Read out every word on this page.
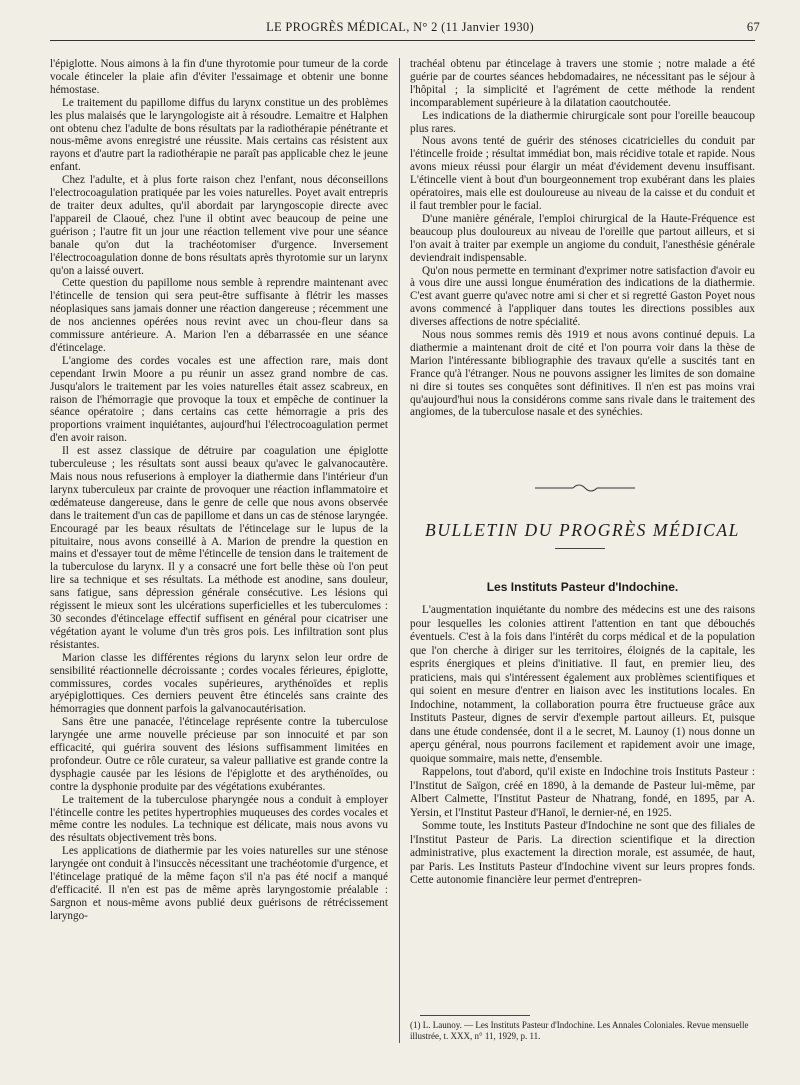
LE PROGRÈS MÉDICAL, N° 2 (11 Janvier 1930)	67

l'épiglotte. Nous aimons à la fin d'une thyrotomie pour tumeur de la corde vocale étinceler la plaie afin d'éviter l'essaimage et obtenir une bonne hémostase.

Le traitement du papillome diffus du larynx constitue un des problèmes les plus malaisés que le laryngologiste ait à résoudre. Lemaitre et Halphen ont obtenu chez l'adulte de bons résultats par la radiothérapie pénétrante et nous-même avons enregistré une réussite. Mais certains cas résistent aux rayons et d'autre part la radiothérapie ne paraît pas applicable chez le jeune enfant.

Chez l'adulte, et à plus forte raison chez l'enfant, nous déconseillons l'electrocoagulation pratiquée par les voies naturelles. Poyet avait entrepris de traiter deux adultes, qu'il abordait par laryngoscopie directe avec l'appareil de Claoué, chez l'une il obtint avec beaucoup de peine une guérison ; l'autre fit un jour une réaction tellement vive pour une séance banale qu'on dut la trachéotomiser d'urgence. Inversement l'électrocoagulation donne de bons résultats après thyrotomie sur un larynx qu'on a laissé ouvert.

Cette question du papillome nous semble à reprendre maintenant avec l'étincelle de tension qui sera peut-être suffisante à flétrir les masses néoplasiques sans jamais donner une réaction dangereuse ; récemment une de nos anciennes opérées nous revint avec un chou-fleur dans sa commissure antérieure. A. Marion l'en a débarrassée en une séance d'étincelage.

L'angiome des cordes vocales est une affection rare, mais dont cependant Irwin Moore a pu réunir un assez grand nombre de cas. Jusqu'alors le traitement par les voies naturelles était assez scabreux, en raison de l'hémorragie que provoque la toux et empêche de continuer la séance opératoire ; dans certains cas cette hémorragie a pris des proportions vraiment inquiétantes, aujourd'hui l'électrocoagulation permet d'en avoir raison.

Il est assez classique de détruire par coagulation une épiglotte tuberculeuse ; les résultats sont aussi beaux qu'avec le galvanocautère. Mais nous nous refuserions à employer la diathermie dans l'intérieur d'un larynx tuberculeux par crainte de provoquer une réaction inflammatoire et œdémateuse dangereuse, dans le genre de celle que nous avons observée dans le traitement d'un cas de papillome et dans un cas de sténose laryngée. Encouragé par les beaux résultats de l'étincelage sur le lupus de la pituitaire, nous avons conseillé à A. Marion de prendre la question en mains et d'essayer tout de même l'étincelle de tension dans le traitement de la tuberculose du larynx. Il y a consacré une fort belle thèse où l'on peut lire sa technique et ses résultats. La méthode est anodine, sans douleur, sans fatigue, sans dépression générale consécutive. Les lésions qui régissent le mieux sont les ulcérations superficielles et les tuberculomes : 30 secondes d'étincelage effectif suffisent en général pour cicatriser une végétation ayant le volume d'un très gros pois. Les infiltration sont plus résistantes.

Marion classe les différentes régions du larynx selon leur ordre de sensibilité réactionnelle décroissante ; cordes vocales férieures, épiglotte, commissures, cordes vocales supérieures, arythénoïdes et replis aryépiglottiques. Ces derniers peuvent être étincelés sans crainte des hémorragies que donnent parfois la galvanocautérisation.

Sans être une panacée, l'étincelage représente contre la tuberculose laryngée une arme nouvelle précieuse par son innocuité et par son efficacité, qui guérira souvent des lésions suffisamment limitées en profondeur. Outre ce rôle curateur, sa valeur palliative est grande contre la dysphagie causée par les lésions de l'épiglotte et des arythénoïdes, ou contre la dysphonie produite par des végétations exubérantes.

Le traitement de la tuberculose pharyngée nous a conduit à employer l'étincelle contre les petites hypertrophies muqueuses des cordes vocales et même contre les nodules. La technique est délicate, mais nous avons vu des résultats objectivement très bons.

Les applications de diathermie par les voies naturelles sur une sténose laryngée ont conduit à l'insuccès nécessitant une trachéotomie d'urgence, et l'étincelage pratiqué de la même façon s'il n'a pas été nocif a manqué d'efficacité. Il n'en est pas de même après laryngostomie préalable : Sargnon et nous-même avons publié deux guérisons de rétrécissement laryngo-

trachéal obtenu par étincelage à travers une stomie ; notre malade a été guérie par de courtes séances hebdomadaires, ne nécessitant pas le séjour à l'hôpital ; la simplicité et l'agrément de cette méthode la rendent incomparablement supérieure à la dilatation caoutchoutée.

Les indications de la diathermie chirurgicale sont pour l'oreille beaucoup plus rares.

Nous avons tenté de guérir des sténoses cicatricielles du conduit par l'étincelle froide ; résultat immédiat bon, mais récidive totale et rapide. Nous avons mieux réussi pour élargir un méat d'évidement devenu insuffisant. L'étincelle vient à bout d'un bourgeonnement trop exubérant dans les plaies opératoires, mais elle est douloureuse au niveau de la caisse et du conduit et il faut trembler pour le facial.

D'une manière générale, l'emploi chirurgical de la Haute-Fréquence est beaucoup plus douloureux au niveau de l'oreille que partout ailleurs, et si l'on avait à traiter par exemple un angiome du conduit, l'anesthésie générale deviendrait indispensable.

Qu'on nous permette en terminant d'exprimer notre satisfaction d'avoir eu à vous dire une aussi longue énumération des indications de la diathermie. C'est avant guerre qu'avec notre ami si cher et si regretté Gaston Poyet nous avons commencé à l'appliquer dans toutes les directions possibles aux diverses affections de notre spécialité.

Nous nous sommes remis dès 1919 et nous avons continué depuis. La diathermie a maintenant droit de cité et l'on pourra voir dans la thèse de Marion l'intéressante bibliographie des travaux qu'elle a suscités tant en France qu'à l'étranger. Nous ne pouvons assigner les limites de son domaine ni dire si toutes ses conquêtes sont définitives. Il n'en est pas moins vrai qu'aujourd'hui nous la considérons comme sans rivale dans le traitement des angiomes, de la tuberculose nasale et des synéchies.

BULLETIN DU PROGRÈS MÉDICAL
Les Instituts Pasteur d'Indochine.

L'augmentation inquiétante du nombre des médecins est une des raisons pour lesquelles les colonies attirent l'attention en tant que débouchés éventuels. C'est à la fois dans l'intérêt du corps médical et de la population que l'on cherche à diriger sur les territoires, éloignés de la capitale, les esprits énergiques et pleins d'initiative. Il faut, en premier lieu, des praticiens, mais qui s'intéressent également aux problèmes scientifiques et qui soient en mesure d'entrer en liaison avec les institutions locales. En Indochine, notamment, la collaboration pourra être fructueuse grâce aux Instituts Pasteur, dignes de servir d'exemple partout ailleurs. Et, puisque dans une étude condensée, dont il a le secret, M. Launoy (1) nous donne un aperçu général, nous pourrons facilement et rapidement avoir une image, quoique sommaire, mais nette, d'ensemble.

Rappelons, tout d'abord, qu'il existe en Indochine trois Instituts Pasteur : l'Institut de Saïgon, créé en 1890, à la demande de Pasteur lui-même, par Albert Calmette, l'Institut Pasteur de Nhatrang, fondé, en 1895, par A. Yersin, et l'Institut Pasteur d'Hanoï, le dernier-né, en 1925.

Somme toute, les Instituts Pasteur d'Indochine ne sont que des filiales de l'Institut Pasteur de Paris. La direction scientifique et la direction administrative, plus exactement la direction morale, est assumée, de haut, par Paris. Les Instituts Pasteur d'Indochine vivent sur leurs propres fonds. Cette autonomie financière leur permet d'entrepren-

(1) L. Launoy. — Les Instituts Pasteur d'Indochine. Les Annales Coloniales. Revue mensuelle illustrée, t. XXX, n° 11, 1929, p. 11.
